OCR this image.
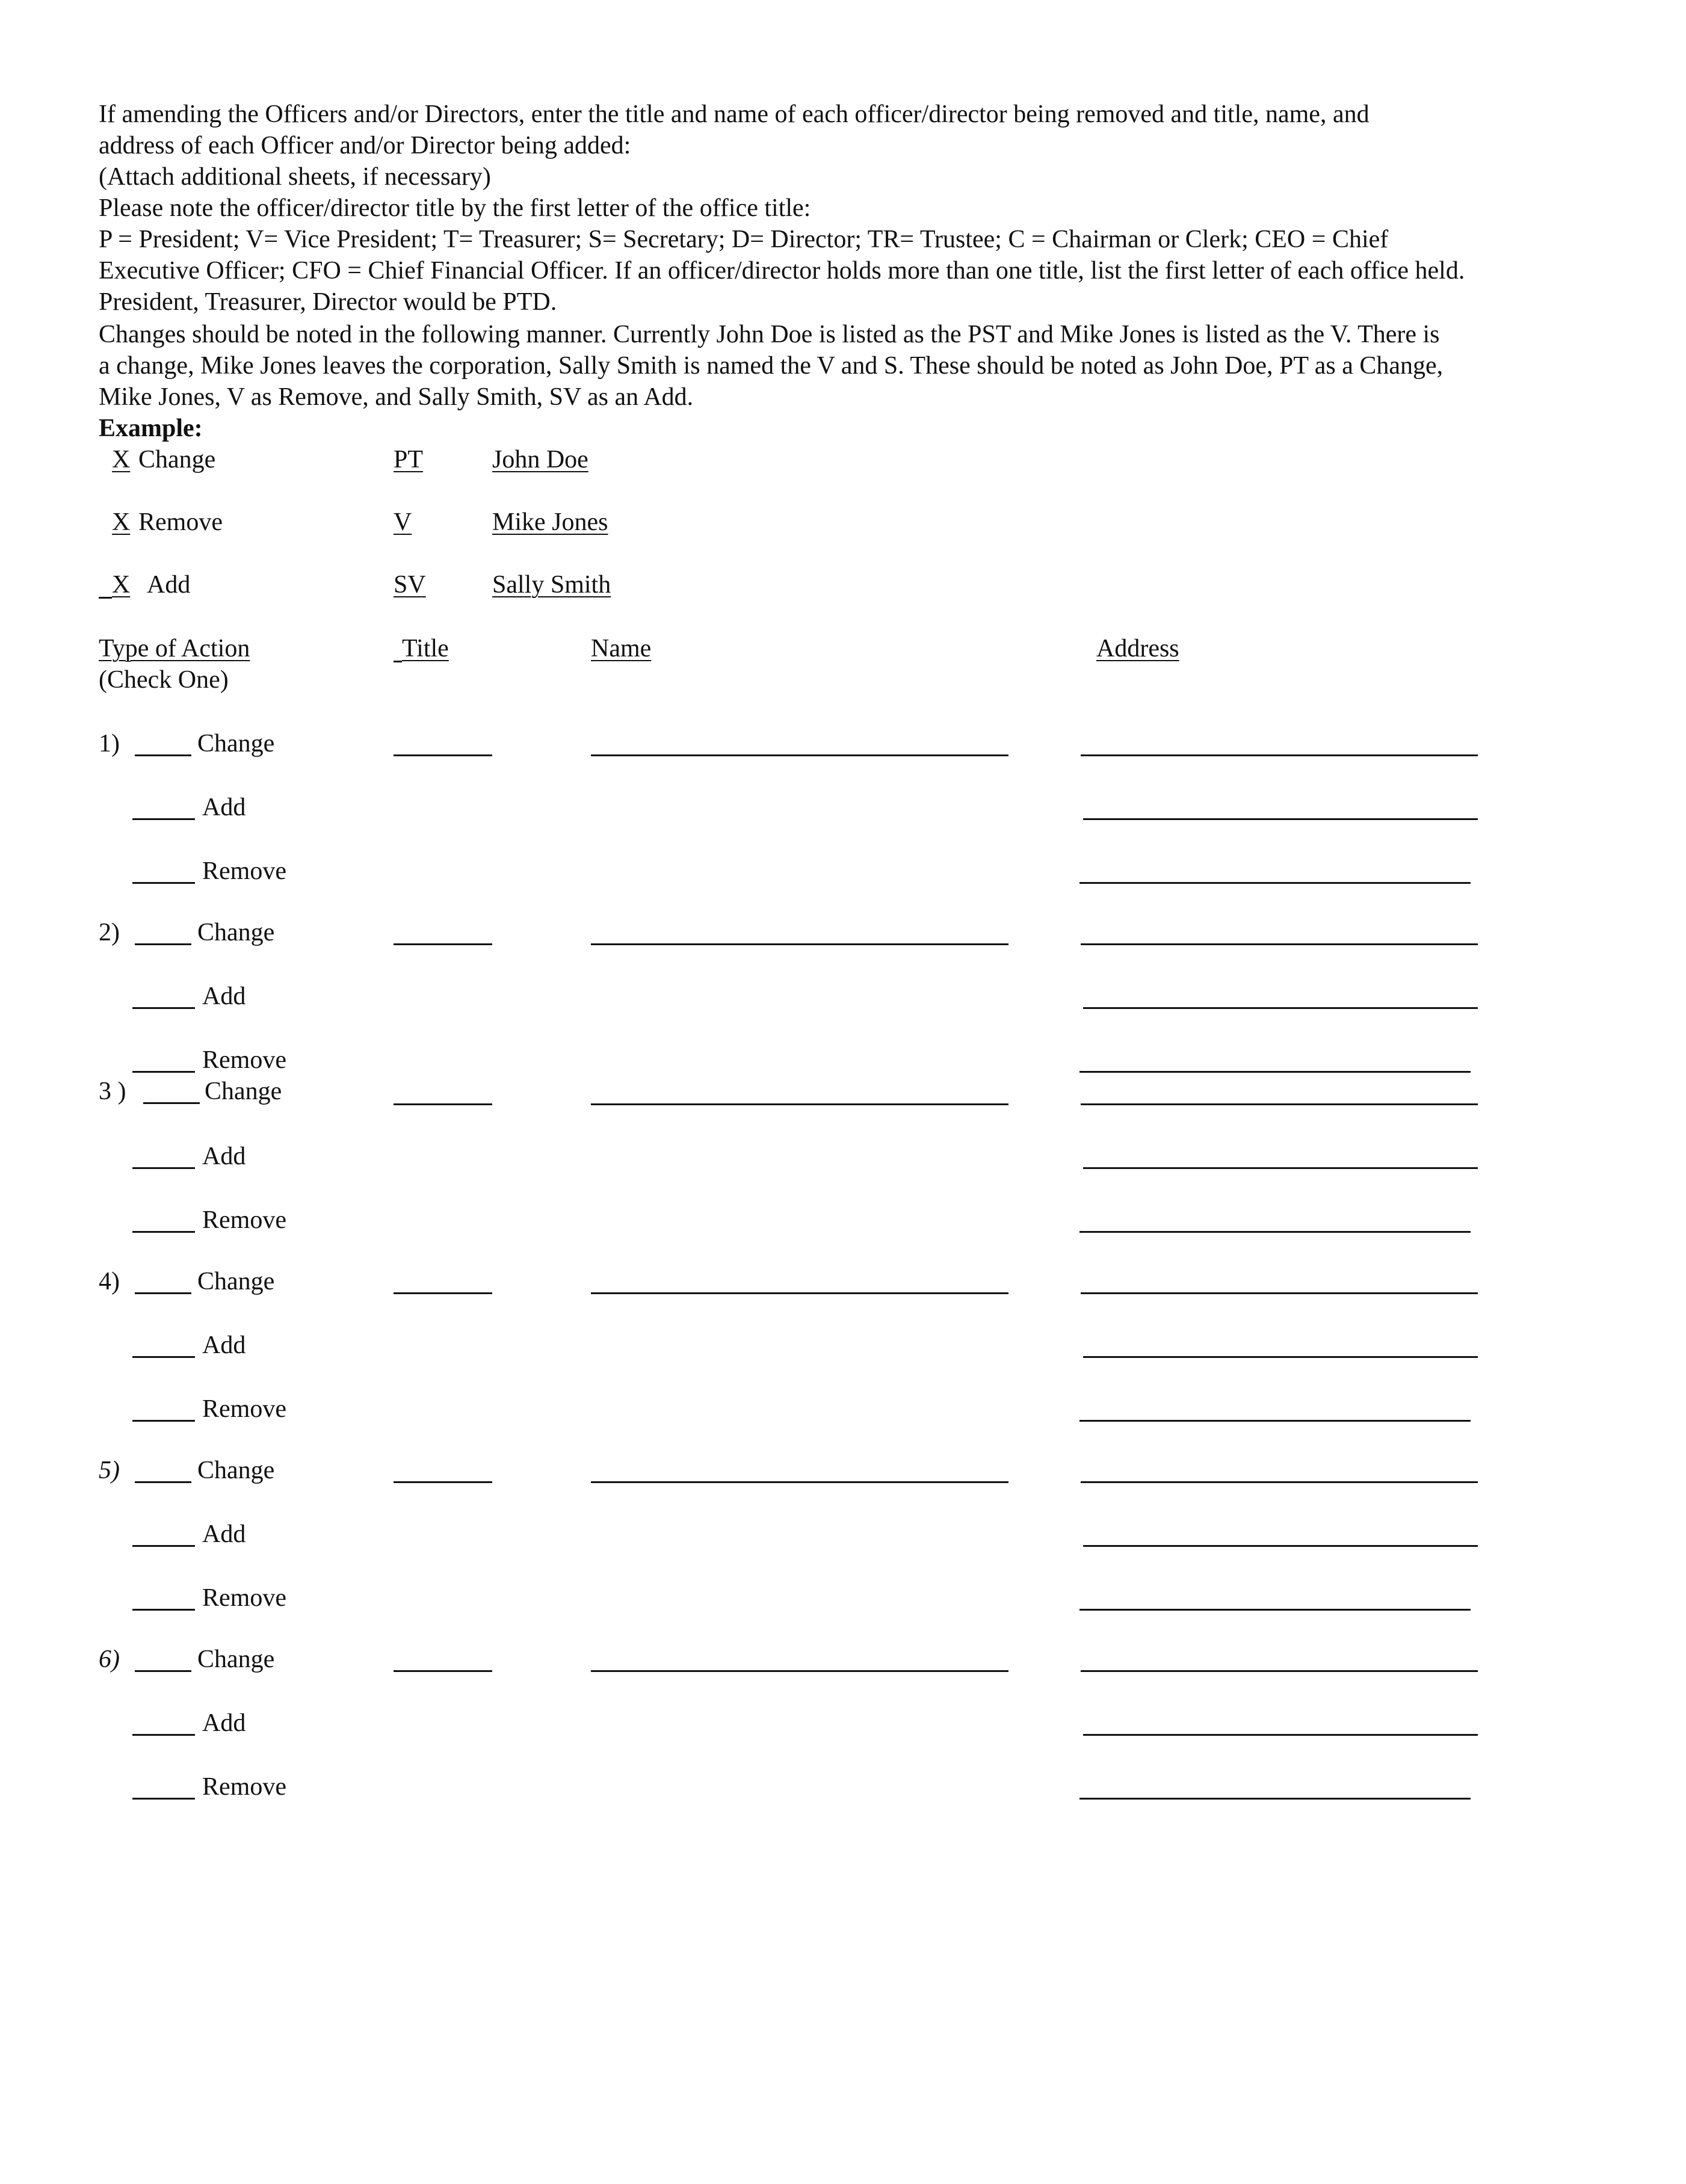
If amending the Officers and/or Directors, enter the title and name of each officer/director being removed and title, name, and
address of each Officer and/or Director being added:
(Attach additional sheets, if necessary)
Please note the officer/director title by the first letter of the office title:
P = President; V= Vice President; T= Treasurer; S= Secretary; D= Director; TR= Trustee; C = Chairman or Clerk; CEO = Chief
Executive Officer; CFO = Chief Financial Officer. If an officer/director holds more than one title, list the first letter of each office held.
President, Treasurer, Director would be PTD.
Changes should be noted in the following manner. Currently John Doe is listed as the PST and Mike Jones is listed as the V. There is
a change, Mike Jones leaves the corporation, Sally Smith is named the V and S. These should be noted as John Doe, PT as a Change,
Mike Jones, V as Remove, and Sally Smith, SV as an Add.
Example:
X Change	PT	John Doe
X Remove	V	Mike Jones
X Add	SV	Sally Smith
Type of Action
(Check One)
Title	Name	Address
1)	Change
Add
Remove
2)	Change
Add
Remove
3 )	Change
Add
Remove
4)	Change
Add
Remove
5)	Change
Add
Remove
6)	Change
Add
Remove
